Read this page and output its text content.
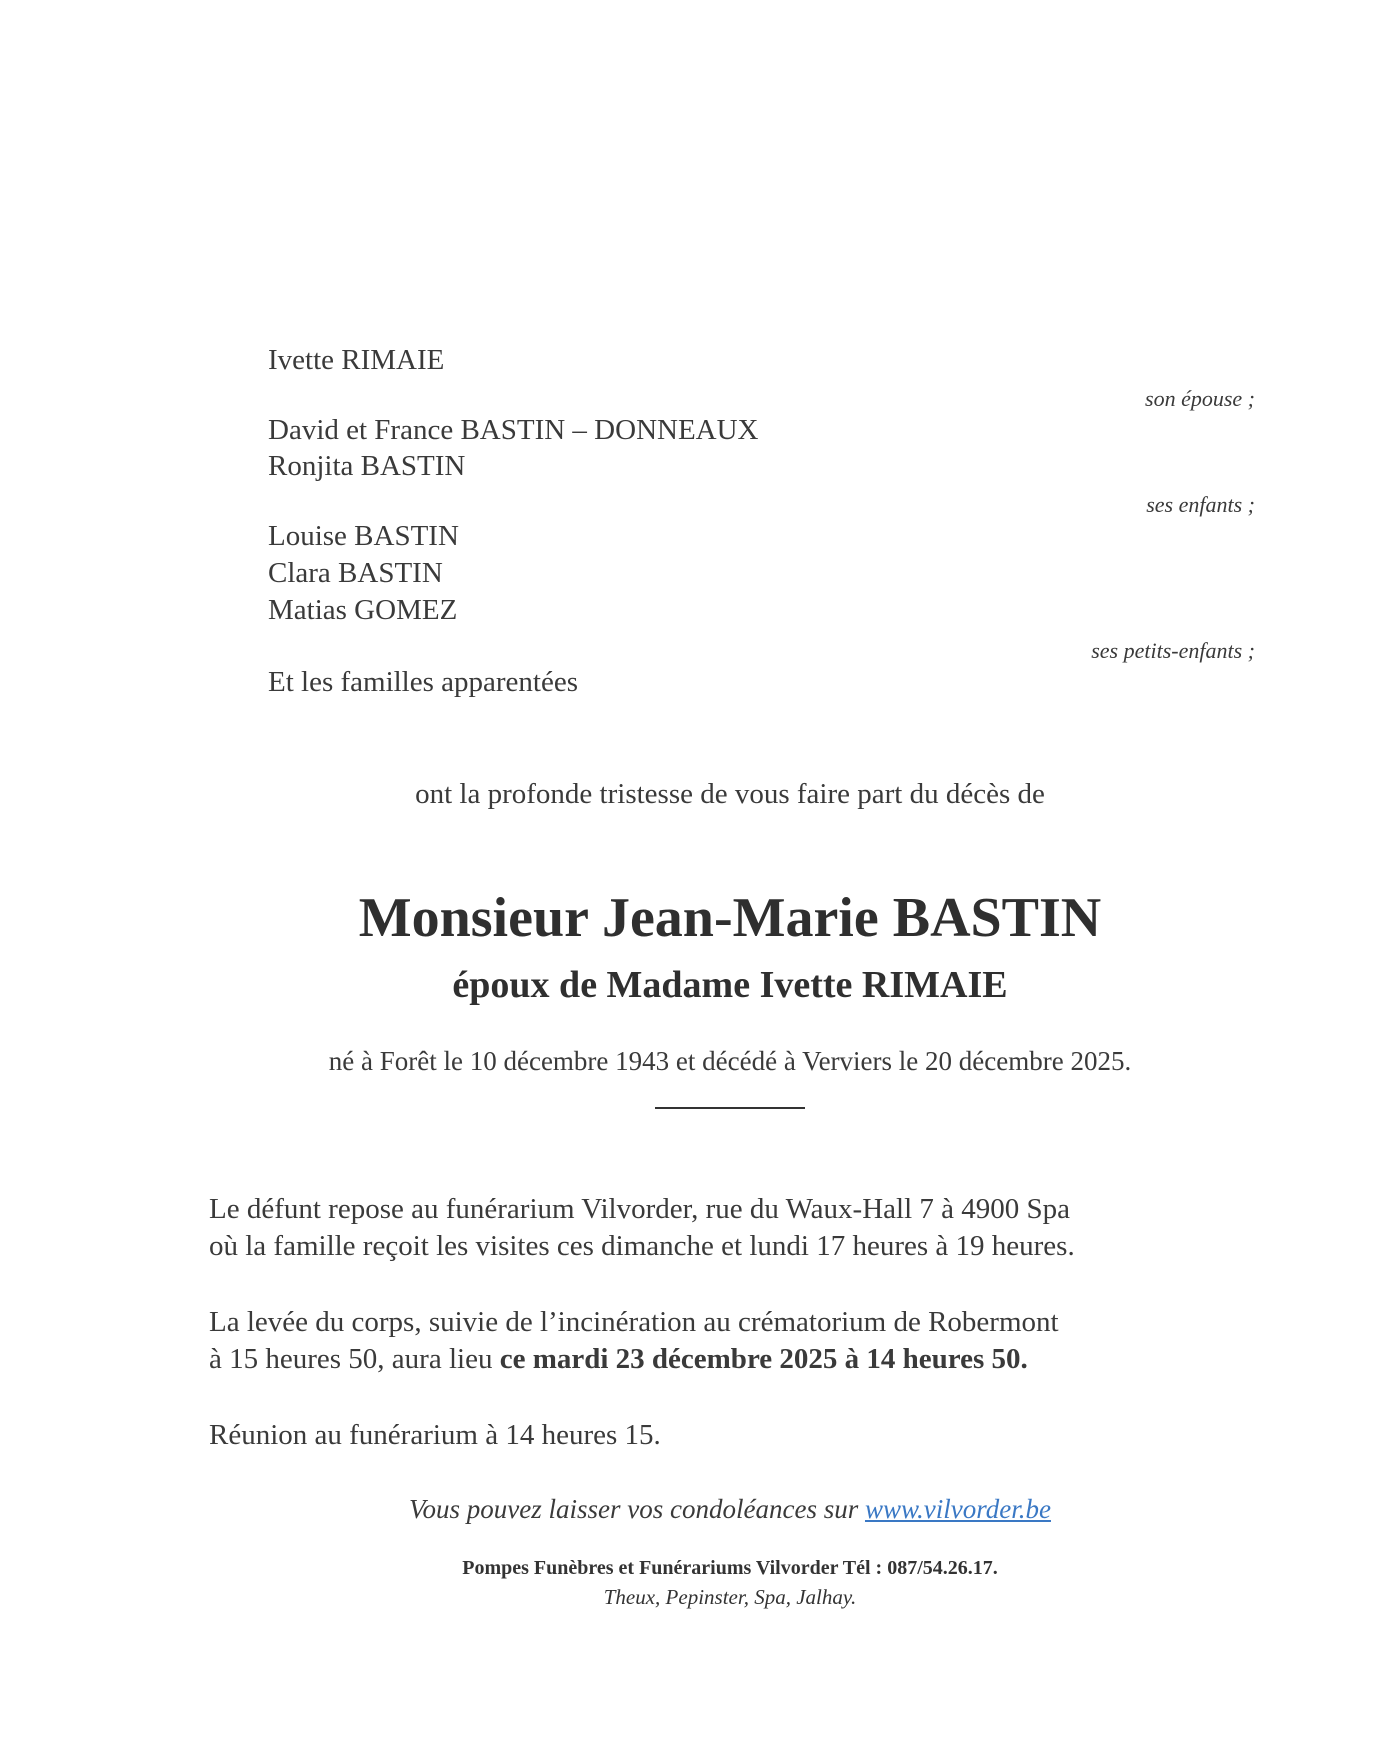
Ivette RIMAIE
son épouse ;
David et France BASTIN – DONNEAUX
Ronjita BASTIN
ses enfants ;
Louise BASTIN
Clara BASTIN
Matias GOMEZ
ses petits-enfants ;
Et les familles apparentées
ont la profonde tristesse de vous faire part du décès de
Monsieur Jean-Marie BASTIN
époux de Madame Ivette RIMAIE
né à Forêt le 10 décembre 1943 et décédé à Verviers le 20 décembre 2025.
Le défunt repose au funérarium Vilvorder, rue du Waux-Hall 7 à 4900 Spa
où la famille reçoit les visites ces dimanche et lundi 17 heures à 19 heures.
La levée du corps, suivie de l’incinération au crématorium de Robermont
à 15 heures 50, aura lieu ce mardi 23 décembre 2025 à 14 heures 50.
Réunion au funérarium à 14 heures 15.
Vous pouvez laisser vos condoléances sur www.vilvorder.be
Pompes Funèbres et Funérariums Vilvorder Tél : 087/54.26.17.
Theux, Pepinster, Spa, Jalhay.
